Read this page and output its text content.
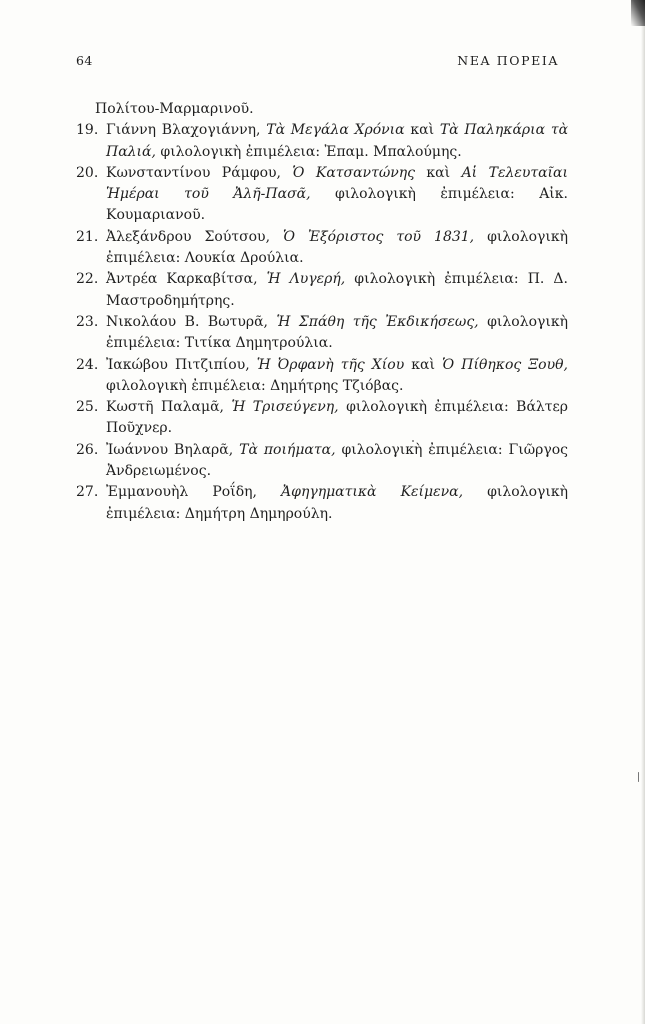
64	ΝΕΑ ΠΟΡΕΙΑ
Πολίτου-Μαρμαρινοῦ.
19. Γιάννη Βλαχογιάννη, Τὰ Μεγάλα Χρόνια καὶ Τὰ Παληκάρια τὰ Παλιά, φιλολογικὴ ἐπιμέλεια: Ἐπαμ. Μπαλούμης.
20. Κωνσταντίνου Ράμφου, Ὁ Κατσαντώνης καὶ Αἱ Τελευταῖαι Ἡμέραι τοῦ Ἀλῆ-Πασᾶ, φιλολογικὴ ἐπιμέλεια: Αἰκ. Κουμαριανοῦ.
21. Ἀλεξάνδρου Σούτσου, Ὁ Ἐξόριστος τοῦ 1831, φιλολογικὴ ἐπιμέλεια: Λουκία Δρούλια.
22. Ἀντρέα Καρκαβίτσα, Ἡ Λυγερή, φιλολογικὴ ἐπιμέλεια: Π. Δ. Μαστροδημήτρης.
23. Νικολάου Β. Βωτυρᾶ, Ἡ Σπάθη τῆς Ἐκδικήσεως, φιλολογικὴ ἐπιμέλεια: Τιτίκα Δημητρούλια.
24. Ἰακώβου Πιτζιπίου, Ἡ Ὀρφανὴ τῆς Χίου καὶ Ὁ Πίθηκος Ξουθ, φιλολογικὴ ἐπιμέλεια: Δημήτρης Τζιόβας.
25. Κωστῆ Παλαμᾶ, Ἡ Τρισεύγενη, φιλολογικὴ ἐπιμέλεια: Βάλτερ Ποῦχνερ.
26. Ἰωάννου Βηλαρᾶ, Τὰ ποιήματα, φιλολογικὴ ἐπιμέλεια: Γιῶργος Ἀνδρειωμένος.
27. Ἐμμανουὴλ Ροΐδη, Ἀφηγηματικὰ Κείμενα, φιλολογικὴ ἐπιμέλεια: Δημήτρη Δημηρούλη.
